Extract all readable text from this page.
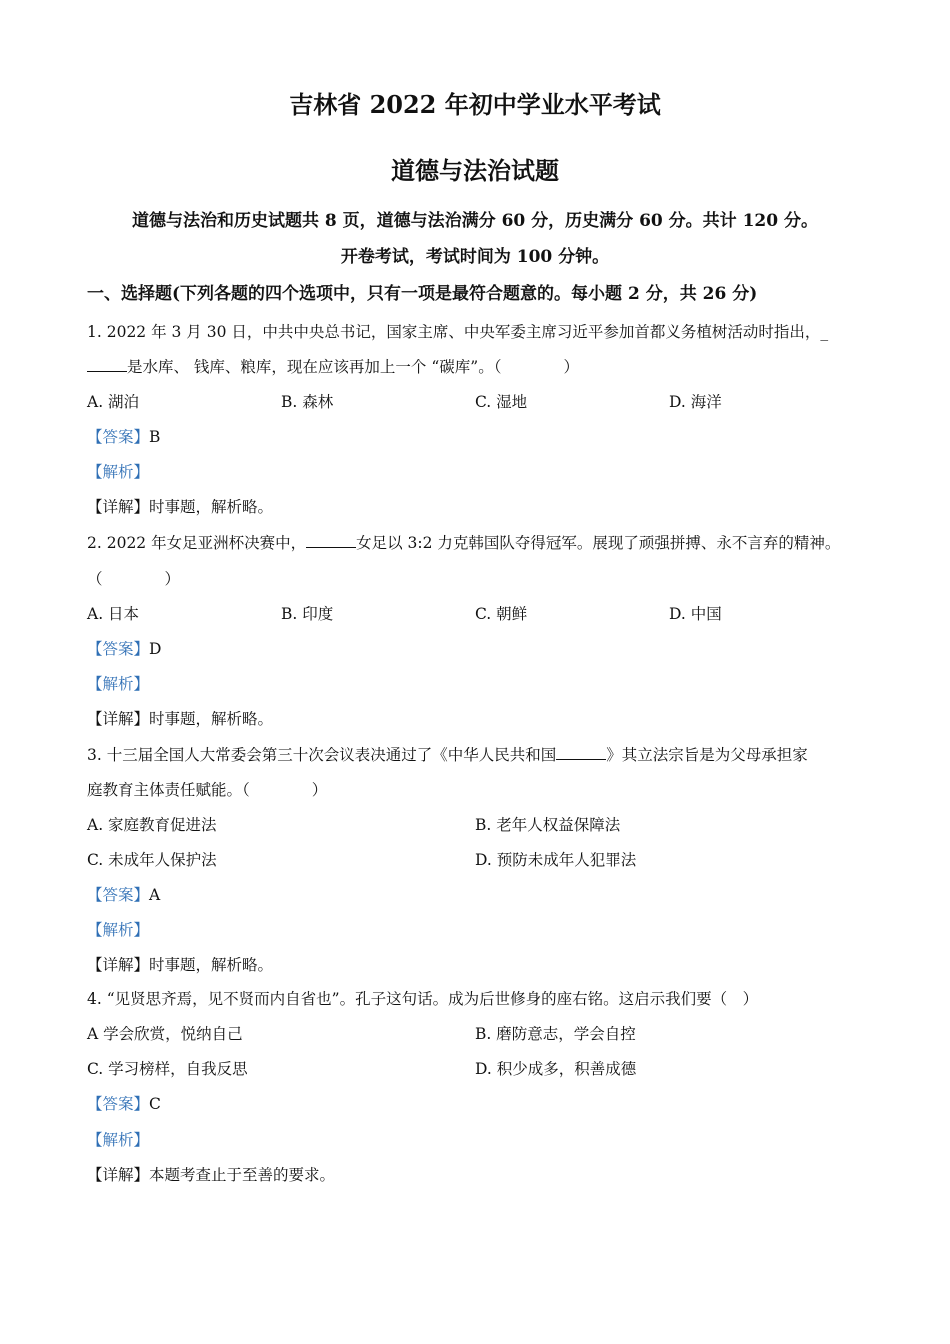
吉林省 2022 年初中学业水平考试
道德与法治试题
道德与法治和历史试题共 8 页，道德与法治满分 60 分，历史满分 60 分。共计 120 分。
开卷考试，考试时间为 100 分钟。
一、选择题(下列各题的四个选项中，只有一项是最符合题意的。每小题 2 分，共 26 分)
1. 2022 年 3 月 30 日，中共中央总书记，国家主席、中央军委主席习近平参加首都义务植树活动时指出，_
是水库、 钱库、粮库，现在应该再加上一个 “碳库”。（　　　　）
A. 湖泊	B. 森林	C. 湿地	D. 海洋
【答案】B
【解析】
【详解】时事题，解析略。
2. 2022 年女足亚洲杯决赛中，	女足以 3:2 力克韩国队夺得冠军。展现了顽强拼搏、永不言弃的精神。
（　　　　）
A. 日本	B. 印度	C. 朝鲜	D. 中国
【答案】D
【解析】
【详解】时事题，解析略。
3. 十三届全国人大常委会第三十次会议表决通过了《中华人民共和国	》其立法宗旨是为父母承担家
庭教育主体责任赋能。（　　　　）
A. 家庭教育促进法	B. 老年人权益保障法
C. 未成年人保护法	D. 预防未成年人犯罪法
【答案】A
【解析】
【详解】时事题，解析略。
4. “见贤思齐焉，见不贤而内自省也”。孔子这句话。成为后世修身的座右铭。这启示我们要（　）
A 学会欣赏，悦纳自己	B. 磨防意志，学会自控
C. 学习榜样，自我反思	D. 积少成多，积善成德
【答案】C
【解析】
【详解】本题考查止于至善的要求。
